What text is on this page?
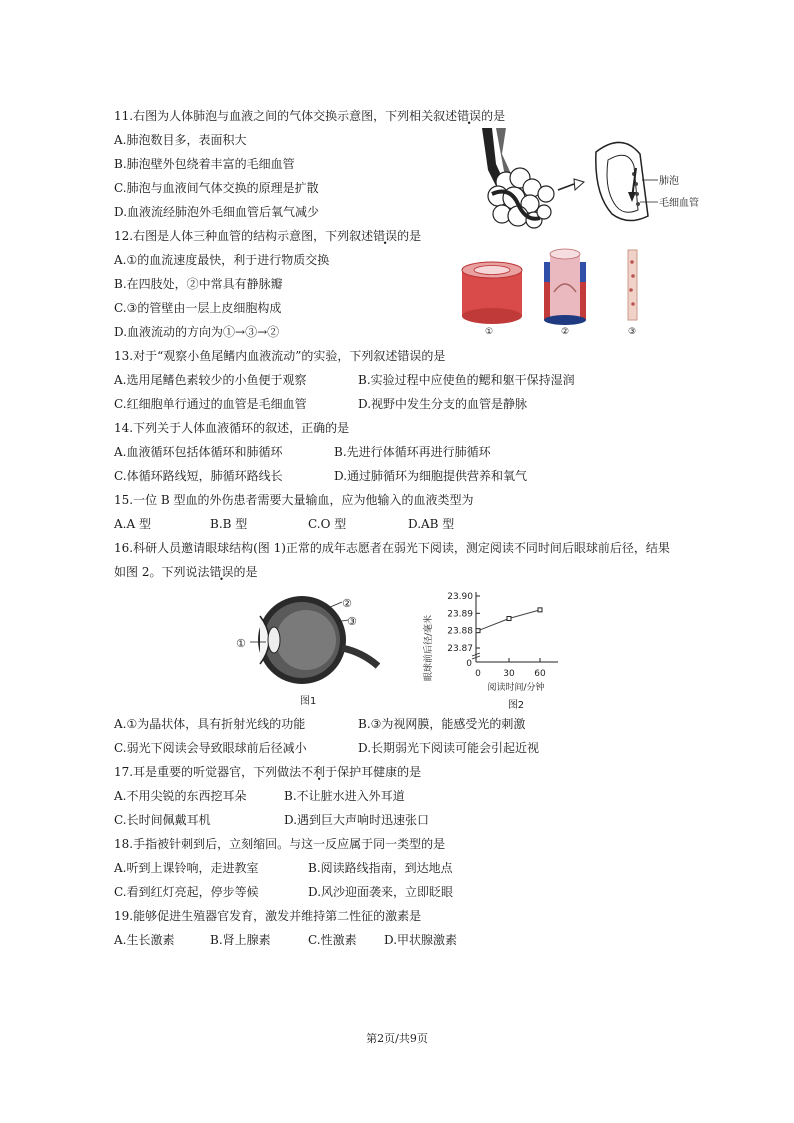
11.右图为人体肺泡与血液之间的气体交换示意图，下列相关叙述错误的是
A.肺泡数目多，表面积大
B.肺泡壁外包绕着丰富的毛细血管
C.肺泡与血液间气体交换的原理是扩散
D.血液流经肺泡外毛细血管后氧气减少
肺泡
毛细血管
12.右图是人体三种血管的结构示意图，下列叙述错误的是
A.①的血流速度最快，利于进行物质交换
B.在四肢处，②中常具有静脉瓣
C.③的管壁由一层上皮细胞构成
D.血液流动的方向为①→③→②	①	②	③
13.对于“观察小鱼尾鳍内血液流动”的实验，下列叙述错误的是
A.选用尾鳍色素较少的小鱼便于观察	B.实验过程中应使鱼的鳃和躯干保持湿润
C.红细胞单行通过的血管是毛细血管	D.视野中发生分支的血管是静脉
14.下列关于人体血液循环的叙述，正确的是
A.血液循环包括体循环和肺循环	B.先进行体循环再进行肺循环
C.体循环路线短，肺循环路线长	D.通过肺循环为细胞提供营养和氧气
15.一位 B 型血的外伤患者需要大量输血，应为他输入的血液类型为
A.A 型	B.B 型	C.O 型	D.AB 型
16.科研人员邀请眼球结构(图 1)正常的成年志愿者在弱光下阅读，测定阅读不同时间后眼球前后径，结果
如图 2。下列说法错误的是
①
②
③
图1
眼球前后径/毫米 23.87
23.88
23.89
23.90
0 30 60
0
阅读时间/分钟
图2
A.①为晶状体，具有折射光线的功能	B.③为视网膜，能感受光的刺激
C.弱光下阅读会导致眼球前后径减小	D.长期弱光下阅读可能会引起近视
17.耳是重要的听觉器官，下列做法不利于保护耳健康的是
A.不用尖锐的东西挖耳朵	B.不让脏水进入外耳道
C.长时间佩戴耳机	D.遇到巨大声响时迅速张口
18.手指被针刺到后，立刻缩回。与这一反应属于同一类型的是
A.听到上课铃响，走进教室	B.阅读路线指南，到达地点
C.看到红灯亮起，停步等候	D.风沙迎面袭来，立即眨眼
19.能够促进生殖器官发育，激发并维持第二性征的激素是
A.生长激素	B.肾上腺素	C.性激素 D.甲状腺激素
第2页/共9页
